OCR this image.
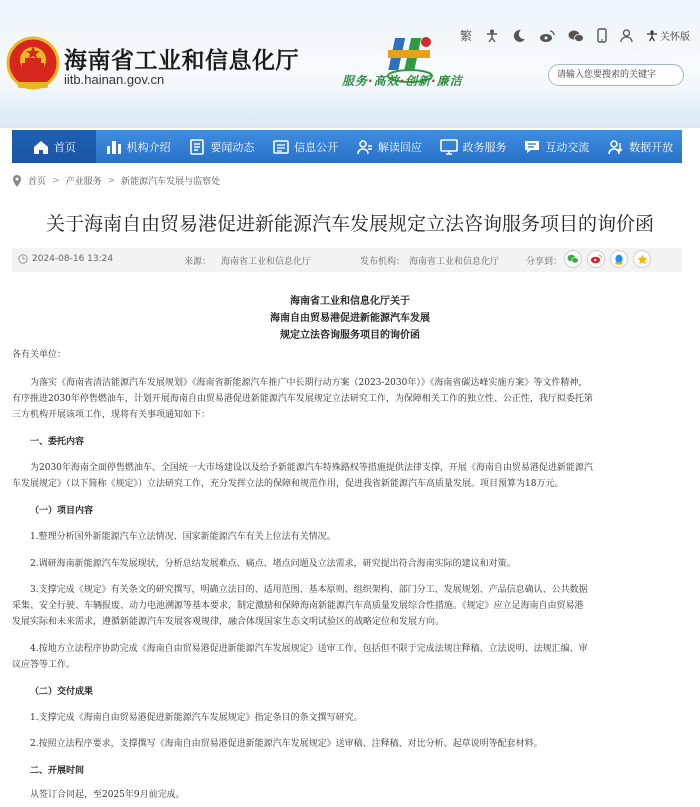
海南省工业和信息化厅
iitb.hainan.gov.cn	服务·高效·创新·廉洁
繁	关怀版
请输入您要搜索的关键字
首页	机构介绍	要闻动态	信息公开	解读回应	政务服务	互动交流	数据开放
首页 > 产业服务 > 新能源汽车发展与监察处
关于海南自由贸易港促进新能源汽车发展规定立法咨询服务项目的询价函
2024-08-16 13:24	来源： 海南省工业和信息化厅	发布机构： 海南省工业和信息化厅	分享到：
海南省工业和信息化厅关于
海南自由贸易港促进新能源汽车发展
规定立法咨询服务项目的询价函
各有关单位：
为落实《海南省清洁能源汽车发展规划》《海南省新能源汽车推广中长期行动方案（2023-2030年）》《海南省碳达峰实施方案》等文件精神，
有序推进2030年停售燃油车，计划开展海南自由贸易港促进新能源汽车发展规定立法研究工作，为保障相关工作的独立性、公正性，我厅拟委托第
三方机构开展该项工作，现将有关事项通知如下：
一、委托内容
为2030年海南全面停售燃油车、全国统一大市场建设以及给予新能源汽车特殊路权等措施提供法律支撑，开展《海南自由贸易港促进新能源汽
车发展规定》（以下简称《规定》）立法研究工作，充分发挥立法的保障和规范作用，促进我省新能源汽车高质量发展。项目预算为18万元。
（一）项目内容
1.整理分析国外新能源汽车立法情况、国家新能源汽车有关上位法有关情况。
2.调研海南新能源汽车发展现状，分析总结发展难点、痛点、堵点问题及立法需求，研究提出符合海南实际的建议和对策。
3.支撑完成《规定》有关条文的研究撰写，明确立法目的、适用范围、基本原则、组织架构、部门分工、发展规划、产品信息确认、公共数据
采集、安全行驶、车辆报废、动力电池溯源等基本要求，制定激励和保障海南新能源汽车高质量发展综合性措施。《规定》应立足海南自由贸易港
发展实际和未来需求，遵循新能源汽车发展客观规律，融合体现国家生态文明试验区的战略定位和发展方向。
4.按地方立法程序协助完成《海南自由贸易港促进新能源汽车发展规定》送审工作，包括但不限于完成法规注释稿、立法说明、法规汇编、审
议应答等工作。
（二）交付成果
1.支撑完成《海南自由贸易港促进新能源汽车发展规定》指定条目的条文撰写研究。
2.按照立法程序要求，支撑撰写《海南自由贸易港促进新能源汽车发展规定》送审稿、注释稿、对比分析、起草说明等配套材料。
二、开展时间
从签订合同起，至2025年9月前完成。
